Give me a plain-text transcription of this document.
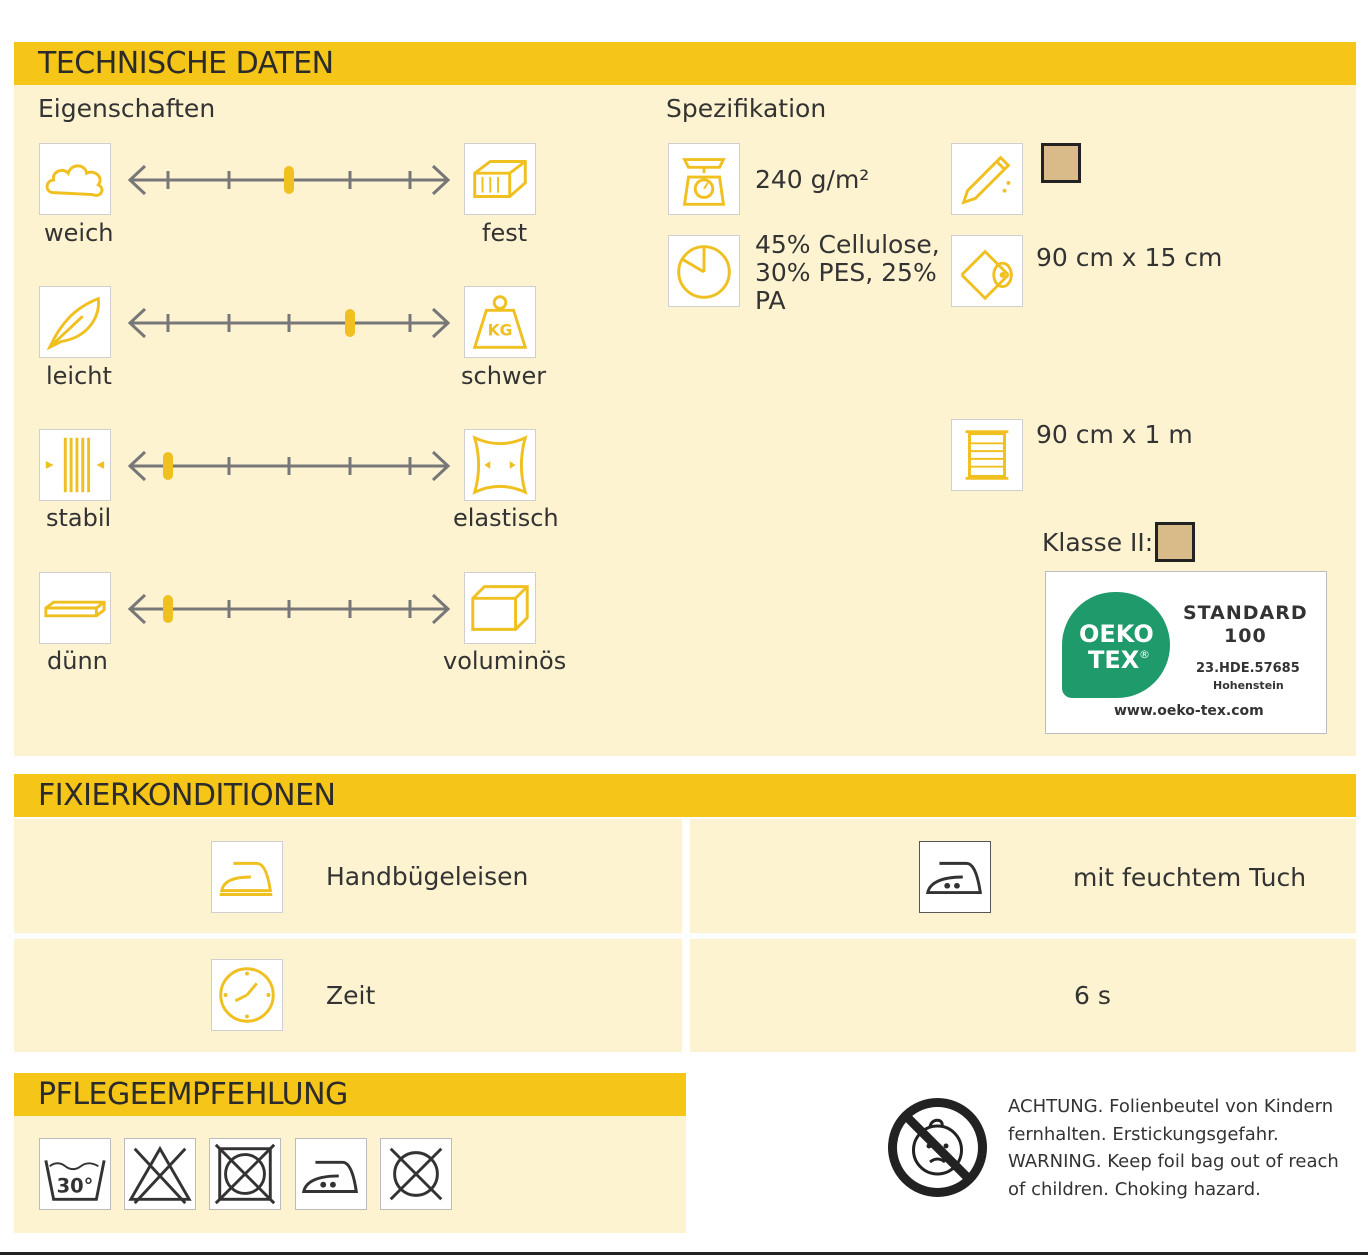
TECHNISCHE DATEN
Eigenschaften	Spezifikation
weich	fest
KG
leicht	schwer
stabil	elastisch
dünn	voluminös
240 g/m²
45% Cellulose,
30% PES, 25%
PA
90 cm x 15 cm
90 cm x 1 m
Klasse II:
OEKO
TEX ®
STANDARD
100
23.HDE.57685
Hohenstein
www.oeko-tex.com
FIXIERKONDITIONEN
Handbügeleisen	mit feuchtem Tuch
Zeit	6 s
PFLEGEEMPFEHLUNG
30°
ACHTUNG. Folienbeutel von Kindern
fernhalten. Erstickungsgefahr.
WARNING. Keep foil bag out of reach
of children. Choking hazard.
